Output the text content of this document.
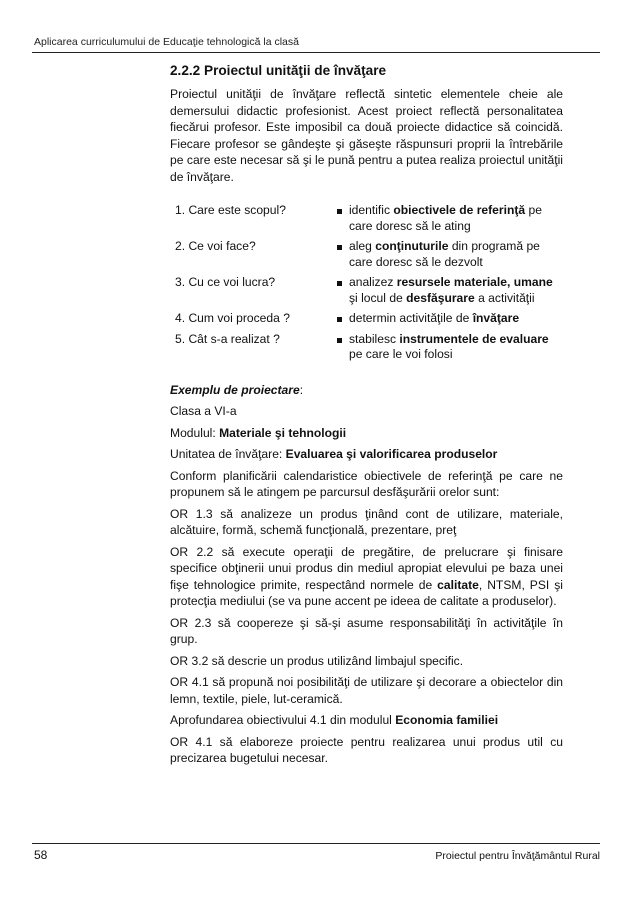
Aplicarea curriculumului de Educaţie tehnologică la clasă
2.2.2 Proiectul unităţii de învăţare

Proiectul unităţii de învăţare reflectă sintetic elementele cheie ale demersului didactic profesionist. Acest proiect reflectă personalitatea fiecărui profesor. Este imposibil ca două proiecte didactice să coincidă. Fiecare profesor se gândeşte şi găseşte răspunsuri proprii la întrebările pe care este necesar să şi le pună pentru a putea realiza proiectul unităţii de învăţare.

1. Care este scopul?		identific obiectivele de referinţă pe care doresc să le ating
2. Ce voi face?		aleg conţinuturile din programă pe care doresc să le dezvolt
3. Cu ce voi lucra?		analizez resursele materiale, umane şi locul de desfăşurare a activităţii
4. Cum voi proceda ?		determin activităţile de învăţare
5. Cât s-a realizat ?		stabilesc instrumentele de evaluare pe care le voi folosi

Exemplu de proiectare:

Clasa a VI-a

Modulul: Materiale şi tehnologii

Unitatea de învăţare: Evaluarea şi valorificarea produselor

Conform planificării calendaristice obiectivele de referinţă pe care ne propunem să le atingem pe parcursul desfăşurării orelor sunt:

OR 1.3 să analizeze un produs ţinând cont de utilizare, materiale, alcătuire, formă, schemă funcţională, prezentare, preţ

OR 2.2 să execute operaţii de pregătire, de prelucrare şi finisare specifice obţinerii unui produs din mediul apropiat elevului pe baza unei fişe tehnologice primite, respectând normele de calitate, NTSM, PSI şi protecţia mediului (se va pune accent pe ideea de calitate a produselor).

OR 2.3 să coopereze şi să-şi asume responsabilităţi în activităţile în grup.

OR 3.2 să descrie un produs utilizând limbajul specific.

OR 4.1 să propună noi posibilităţi de utilizare şi decorare a obiectelor din lemn, textile, piele, lut-ceramică.

Aprofundarea obiectivului 4.1 din modulul Economia familiei

OR 4.1 să elaboreze proiecte pentru realizarea unui produs util cu precizarea bugetului necesar.

58	Proiectul pentru Învăţământul Rural
